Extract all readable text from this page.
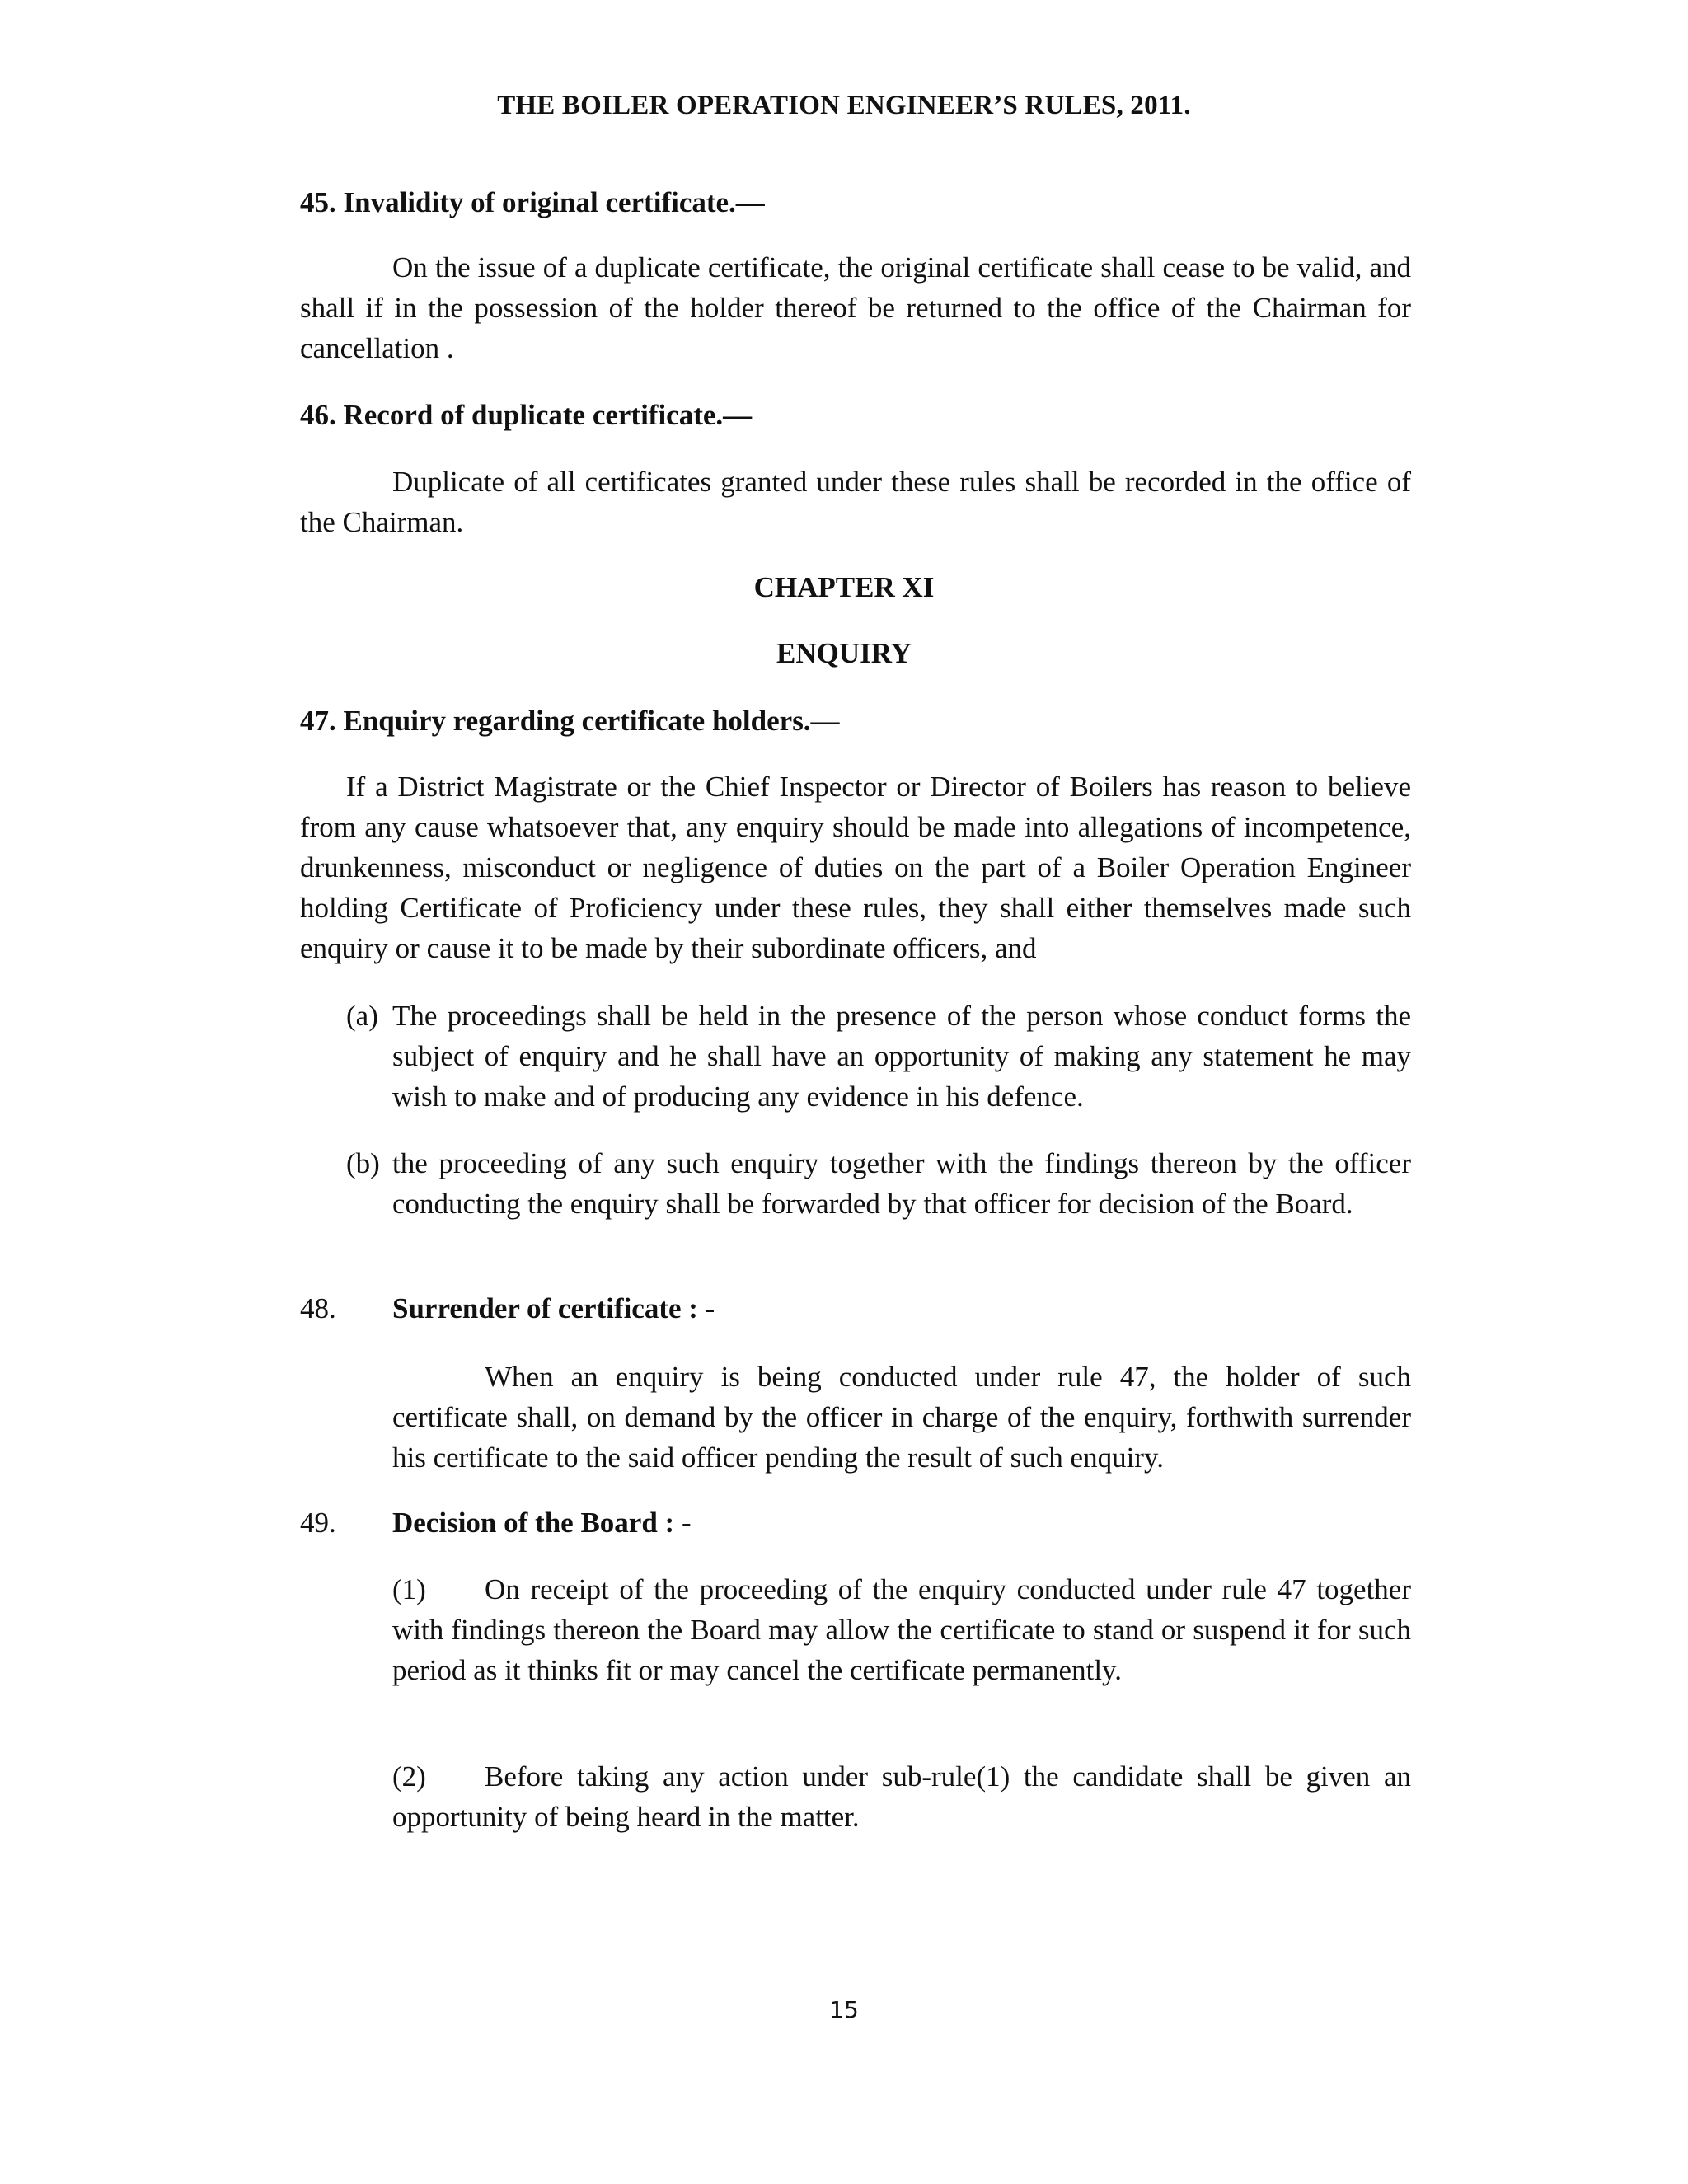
THE BOILER OPERATION ENGINEER’S RULES, 2011.
45. Invalidity of original certificate.—
On the issue of a duplicate certificate, the original certificate shall cease to be valid, and shall if in the possession of the holder thereof be returned to the office of the Chairman for cancellation .
46. Record of duplicate certificate.—
Duplicate of all certificates granted under these rules shall be recorded in the office of the Chairman.
CHAPTER XI
ENQUIRY
47. Enquiry regarding certificate holders.—
If a District Magistrate or the Chief Inspector or Director of Boilers has reason to believe from any cause whatsoever that, any enquiry should be made into allegations of incompetence, drunkenness, misconduct or negligence of duties on the part of a Boiler Operation Engineer holding Certificate of Proficiency under these rules, they shall either themselves made such enquiry or cause it to be made by their subordinate officers, and
(a) The proceedings shall be held in the presence of the person whose conduct forms the subject of enquiry and he shall have an opportunity of making any statement he may wish to make and of producing any evidence in his defence.
(b) the proceeding of any such enquiry together with the findings thereon by the officer conducting the enquiry shall be forwarded by that officer for decision of the Board.
48. Surrender of certificate : -
When an enquiry is being conducted under rule 47, the holder of such certificate shall, on demand by the officer in charge of the enquiry, forthwith surrender his certificate to the said officer pending the result of such enquiry.
49. Decision of the Board : -
(1)	On receipt of the proceeding of the enquiry conducted under rule 47 together with findings thereon the Board may allow the certificate to stand or suspend it for such period as it thinks fit or may cancel the certificate permanently.
(2)	Before taking any action under sub-rule(1) the candidate shall be given an opportunity of being heard in the matter.
15
